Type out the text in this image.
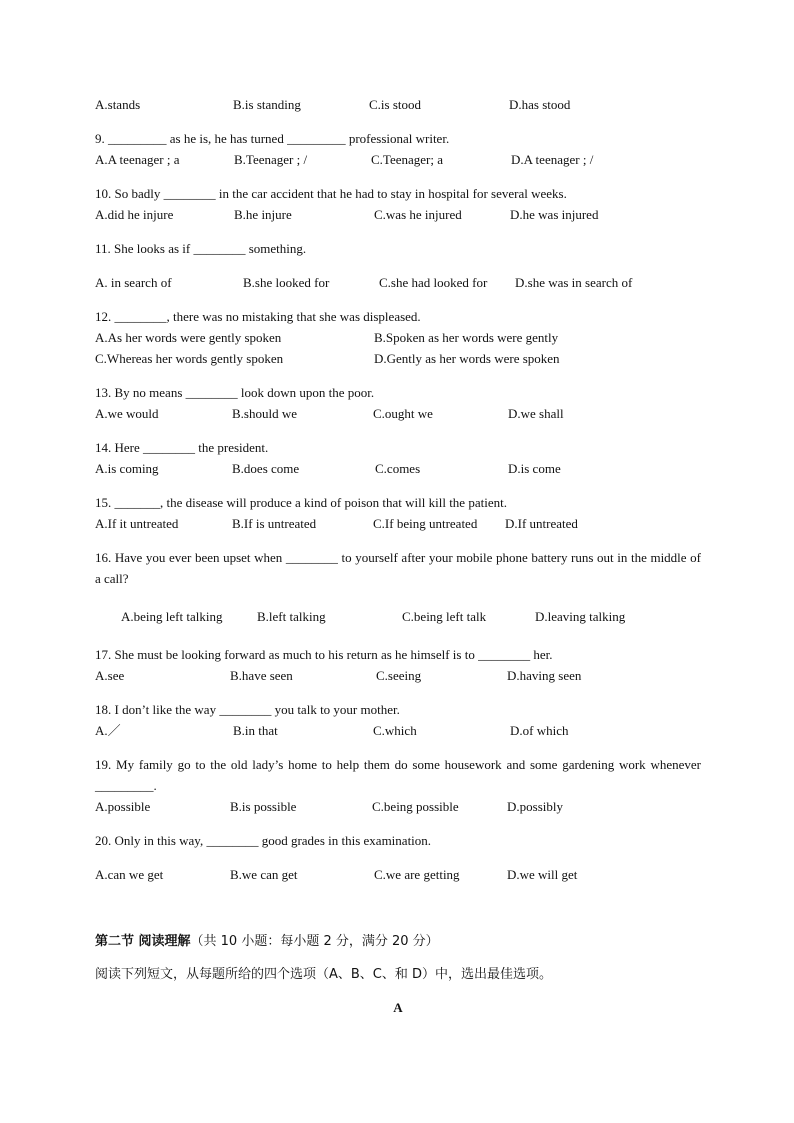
A.stands	B.is standing	C.is stood	D.has stood

9. _________ as he is, he has turned _________ professional writer.

A.A teenager ; a	B.Teenager ; /	C.Teenager; a	D.A teenager ; /

10. So badly ________ in the car accident that he had to stay in hospital for several weeks.

A.did he injure	B.he injure	C.was he injured	D.he was injured

11. She looks as if ________ something.

A. in search of	B.she looked for	C.she had looked for D.she was in search of

12. ________, there was no mistaking that she was displeased.

A.As her words were gently spoken	B.Spoken as her words were gently
C.Whereas her words gently spoken	D.Gently as her words were spoken

13. By no means ________ look down upon the poor.

A.we would	B.should we	C.ought we	D.we shall

14. Here ________ the president.

A.is coming	B.does come	C.comes	D.is come

15. _______, the disease will produce a kind of poison that will kill the patient.

A.If it untreated	B.If is untreated	C.If being untreated D.If untreated

16. Have you ever been upset when ________ to yourself after your mobile phone battery runs out in the middle of a call?

A.being left talking	B.left talking	C.being left talk	D.leaving talking

17. She must be looking forward as much to his return as he himself is to ________ her.

A.see	B.have seen	C.seeing	D.having seen

18. I don’t like the way ________ you talk to your mother.

A.／	B.in that	C.which	D.of which

19. My family go to the old lady’s home to help them do some housework and some gardening work whenever _________.

A.possible	B.is possible	C.being possible	D.possibly

20. Only in this way, ________ good grades in this examination.

A.can we get	B.we can get	C.we are getting	D.we will get

第二节 阅读理解（共 10 小题：每小题 2 分，满分 20 分）

阅读下列短文，从每题所给的四个选项（A、B、C、和 D）中，选出最佳选项。

A
